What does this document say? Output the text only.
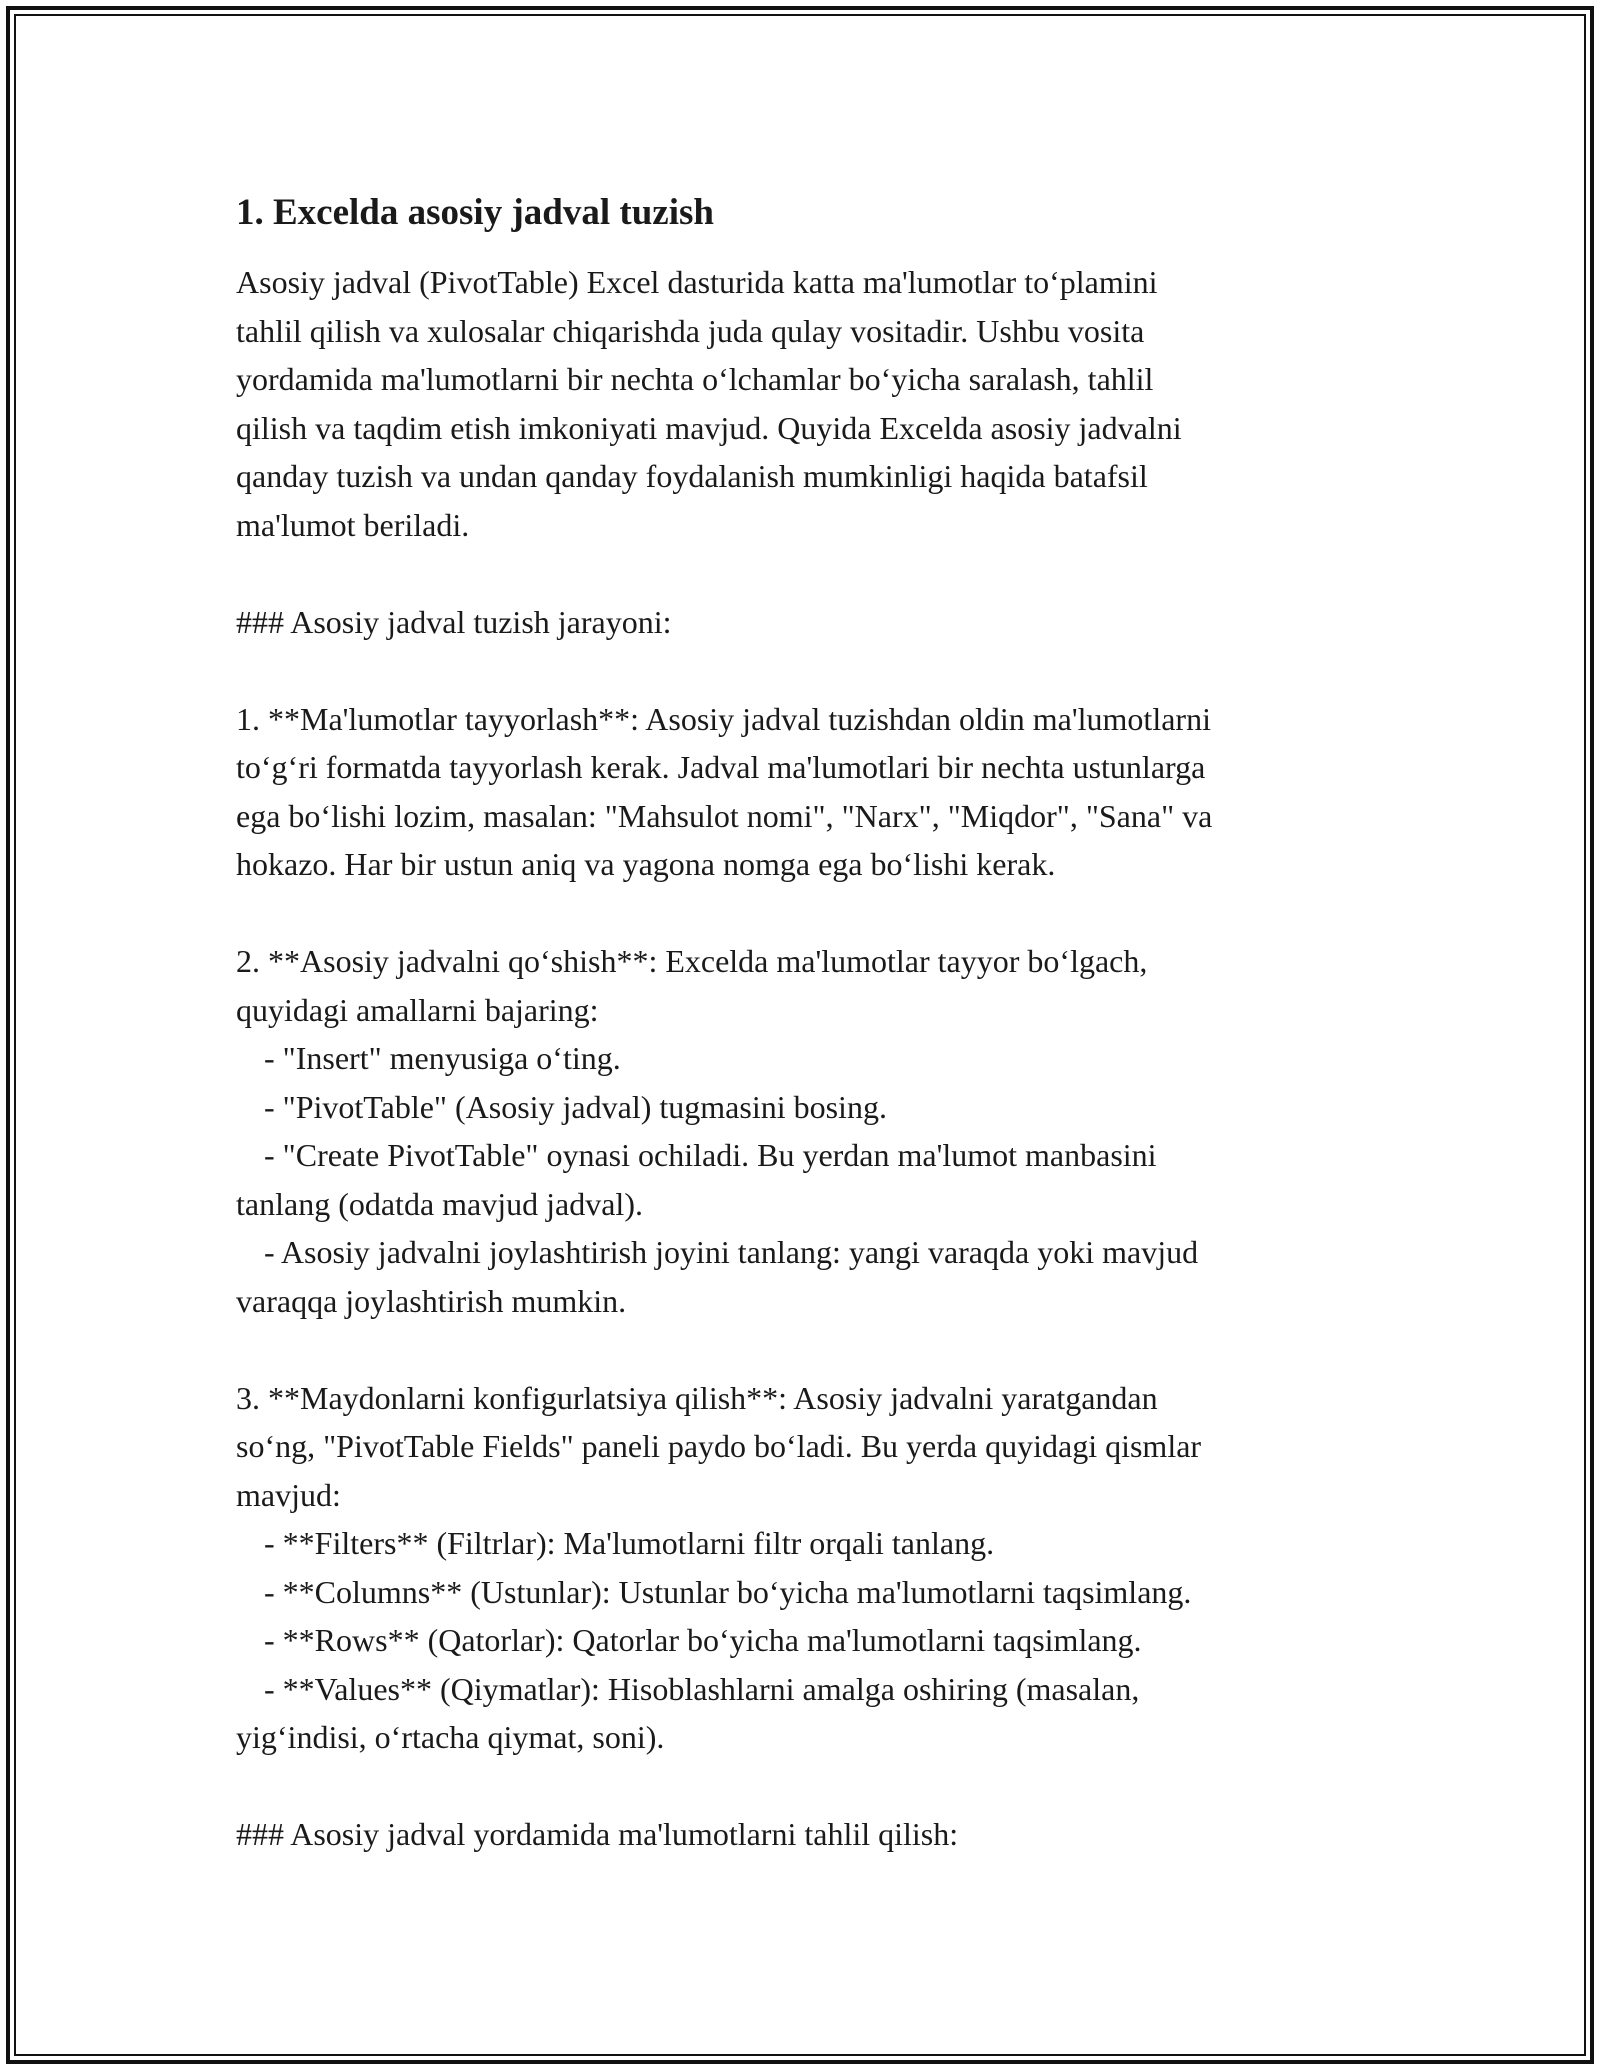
1. Excelda asosiy jadval tuzish

Asosiy jadval (PivotTable) Excel dasturida katta ma'lumotlar to‘plamini
tahlil qilish va xulosalar chiqarishda juda qulay vositadir. Ushbu vosita
yordamida ma'lumotlarni bir nechta o‘lchamlar bo‘yicha saralash, tahlil
qilish va taqdim etish imkoniyati mavjud. Quyida Excelda asosiy jadvalni
qanday tuzish va undan qanday foydalanish mumkinligi haqida batafsil
ma'lumot beriladi.

### Asosiy jadval tuzish jarayoni:

1. **Ma'lumotlar tayyorlash**: Asosiy jadval tuzishdan oldin ma'lumotlarni
to‘g‘ri formatda tayyorlash kerak. Jadval ma'lumotlari bir nechta ustunlarga
ega bo‘lishi lozim, masalan: "Mahsulot nomi", "Narx", "Miqdor", "Sana" va
hokazo. Har bir ustun aniq va yagona nomga ega bo‘lishi kerak.

2. **Asosiy jadvalni qo‘shish**: Excelda ma'lumotlar tayyor bo‘lgach,
quyidagi amallarni bajaring:
- "Insert" menyusiga o‘ting.
- "PivotTable" (Asosiy jadval) tugmasini bosing.
- "Create PivotTable" oynasi ochiladi. Bu yerdan ma'lumot manbasini
tanlang (odatda mavjud jadval).
- Asosiy jadvalni joylashtirish joyini tanlang: yangi varaqda yoki mavjud
varaqqa joylashtirish mumkin.

3. **Maydonlarni konfigurlatsiya qilish**: Asosiy jadvalni yaratgandan
so‘ng, "PivotTable Fields" paneli paydo bo‘ladi. Bu yerda quyidagi qismlar
mavjud:
- **Filters** (Filtrlar): Ma'lumotlarni filtr orqali tanlang.
- **Columns** (Ustunlar): Ustunlar bo‘yicha ma'lumotlarni taqsimlang.
- **Rows** (Qatorlar): Qatorlar bo‘yicha ma'lumotlarni taqsimlang.
- **Values** (Qiymatlar): Hisoblashlarni amalga oshiring (masalan,
yig‘indisi, o‘rtacha qiymat, soni).

### Asosiy jadval yordamida ma'lumotlarni tahlil qilish:
